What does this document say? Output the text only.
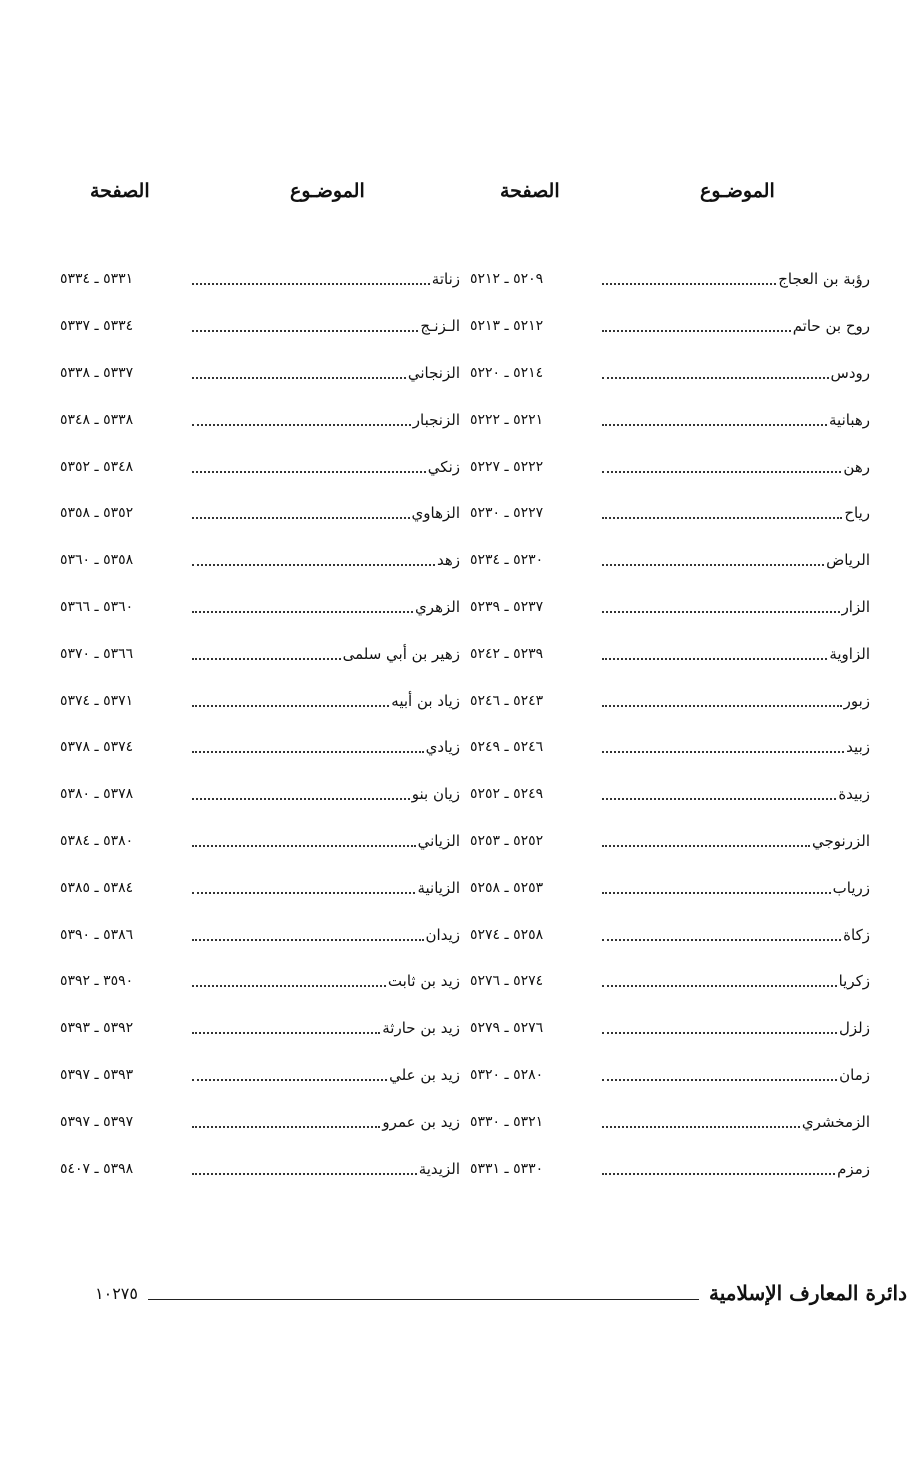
الموضـوع
الصفحة
الموضـوع
الصفحة
رؤبة بن العجاج
٥٢٠٩ ـ ٥٢١٢
روح بن حاتم
٥٢١٢ ـ ٥٢١٣
رودس
٥٢١٤ ـ ٥٢٢٠
رهبانية
٥٢٢١ ـ ٥٢٢٢
رهن
٥٢٢٢ ـ ٥٢٢٧
رياح
٥٢٢٧ ـ ٥٢٣٠
الرياض
٥٢٣٠ ـ ٥٢٣٤
الزار
٥٢٣٧ ـ ٥٢٣٩
الزاوية
٥٢٣٩ ـ ٥٢٤٢
زبور
٥٢٤٣ ـ ٥٢٤٦
زبيد
٥٢٤٦ ـ ٥٢٤٩
زبيدة
٥٢٤٩ ـ ٥٢٥٢
الزرنوجي
٥٢٥٢ ـ ٥٢٥٣
زرياب
٥٢٥٣ ـ ٥٢٥٨
زكاة
٥٢٥٨ ـ ٥٢٧٤
زكريا
٥٢٧٤ ـ ٥٢٧٦
زلزل
٥٢٧٦ ـ ٥٢٧٩
زمان
٥٢٨٠ ـ ٥٣٢٠
الزمخشري
٥٣٢١ ـ ٥٣٣٠
زمزم
٥٣٣٠ ـ ٥٣٣١
زناتة
٥٣٣١ ـ ٥٣٣٤
الـزنـج
٥٣٣٤ ـ ٥٣٣٧
الزنجاني
٥٣٣٧ ـ ٥٣٣٨
الزنجبار
٥٣٣٨ ـ ٥٣٤٨
زنكي
٥٣٤٨ ـ ٥٣٥٢
الزهاوي
٥٣٥٢ ـ ٥٣٥٨
زهد
٥٣٥٨ ـ ٥٣٦٠
الزهري
٥٣٦٠ ـ ٥٣٦٦
زهير بن أبي سلمى
٥٣٦٦ ـ ٥٣٧٠
زياد بن أبيه
٥٣٧١ ـ ٥٣٧٤
زيادي
٥٣٧٤ ـ ٥٣٧٨
زيان بنو
٥٣٧٨ ـ ٥٣٨٠
الزياني
٥٣٨٠ ـ ٥٣٨٤
الزيانية
٥٣٨٤ ـ ٥٣٨٥
زيدان
٥٣٨٦ ـ ٥٣٩٠
زيد بن ثابت
٣٥٩٠ ـ ٥٣٩٢
زيد بن حارثة
٥٣٩٢ ـ ٥٣٩٣
زيد بن علي
٥٣٩٣ ـ ٥٣٩٧
زيد بن عمرو
٥٣٩٧ ـ ٥٣٩٧
الزيدية
٥٣٩٨ ـ ٥٤٠٧
دائرة المعارف الإسلامية
١٠٢٧٥
